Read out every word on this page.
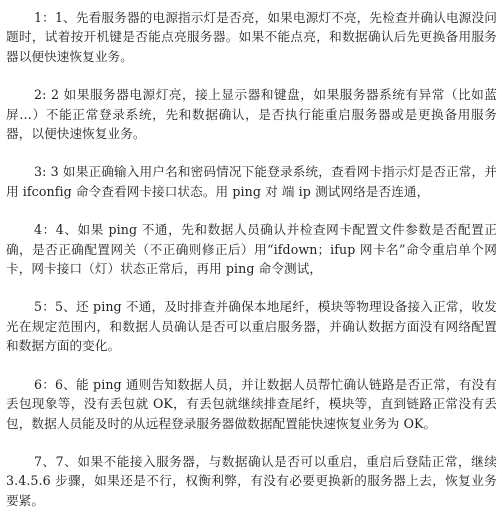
1：1、先看服务器的电源指示灯是否亮，如果电源灯不亮，先检查并确认电源没问题时，试着按开机键是否能点亮服务器。如果不能点亮，和数据确认后先更换备用服务器以便快速恢复业务。

2: 2 如果服务器电源灯亮，接上显示器和键盘，如果服务器系统有异常（比如蓝屏…）不能正常登录系统，先和数据确认，是否执行能重启服务器或是更换备用服务器，以便快速恢复业务。

3: 3 如果正确输入用户名和密码情况下能登录系统，查看网卡指示灯是否正常，并用 ifconfig 命令查看网卡接口状态。用 ping 对 端 ip 测试网络是否连通，

4：4、如果 ping 不通，先和数据人员确认并检查网卡配置文件参数是否配置正确，是否正确配置网关（不正确则修正后）用“ifdown；ifup 网卡名”命令重启单个网卡，网卡接口（灯）状态正常后，再用 ping 命令测试，

5：5、还 ping 不通，及时排查并确保本地尾纤，模块等物理设备接入正常，收发光在规定范围内，和数据人员确认是否可以重启服务器，并确认数据方面没有网络配置和数据方面的变化。

6：6、能 ping 通则告知数据人员，并让数据人员帮忙确认链路是否正常，有没有丢包现象等，没有丢包就 OK，有丢包就继续排查尾纤，模块等，直到链路正常没有丢包，数据人员能及时的从远程登录服务器做数据配置能快速恢复业务为 OK。

7、7、如果不能接入服务器，与数据确认是否可以重启，重启后登陆正常，继续 3.4.5.6 步骤，如果还是不行，权衡利弊，有没有必要更换新的服务器上去，恢复业务要紧。
